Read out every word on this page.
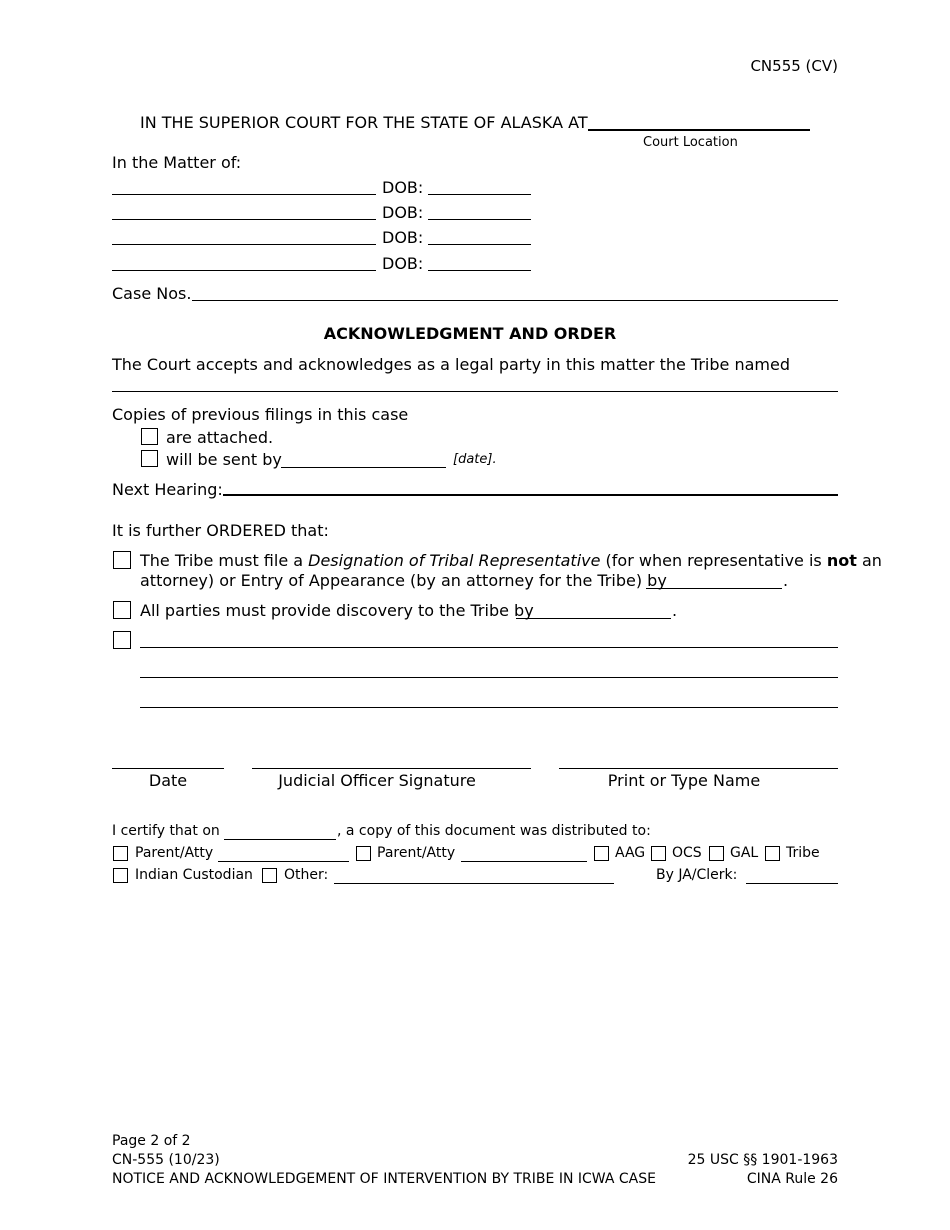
CN555 (CV)
IN THE SUPERIOR COURT FOR THE STATE OF ALASKA AT
Court Location
In the Matter of:
DOB:
DOB:
DOB:
DOB:
Case Nos.
ACKNOWLEDGMENT AND ORDER
The Court accepts and acknowledges as a legal party in this matter the Tribe named
Copies of previous filings in this case
are attached.
will be sent by	[date].
Next Hearing:
It is further ORDERED that:
The Tribe must file a Designation of Tribal Representative (for when representative is not an
attorney) or Entry of Appearance (by an attorney for the Tribe) by	.
All parties must provide discovery to the Tribe by	.
Date	Judicial Officer Signature	Print or Type Name
I certify that on	, a copy of this document was distributed to:
Parent/Atty	Parent/Atty	AAG OCS GAL Tribe
Indian Custodian Other:	By JA/Clerk:
Page 2 of 2
CN-555 (10/23)
NOTICE AND ACKNOWLEDGEMENT OF INTERVENTION BY TRIBE IN ICWA CASE
25 USC §§ 1901-1963
CINA Rule 26
